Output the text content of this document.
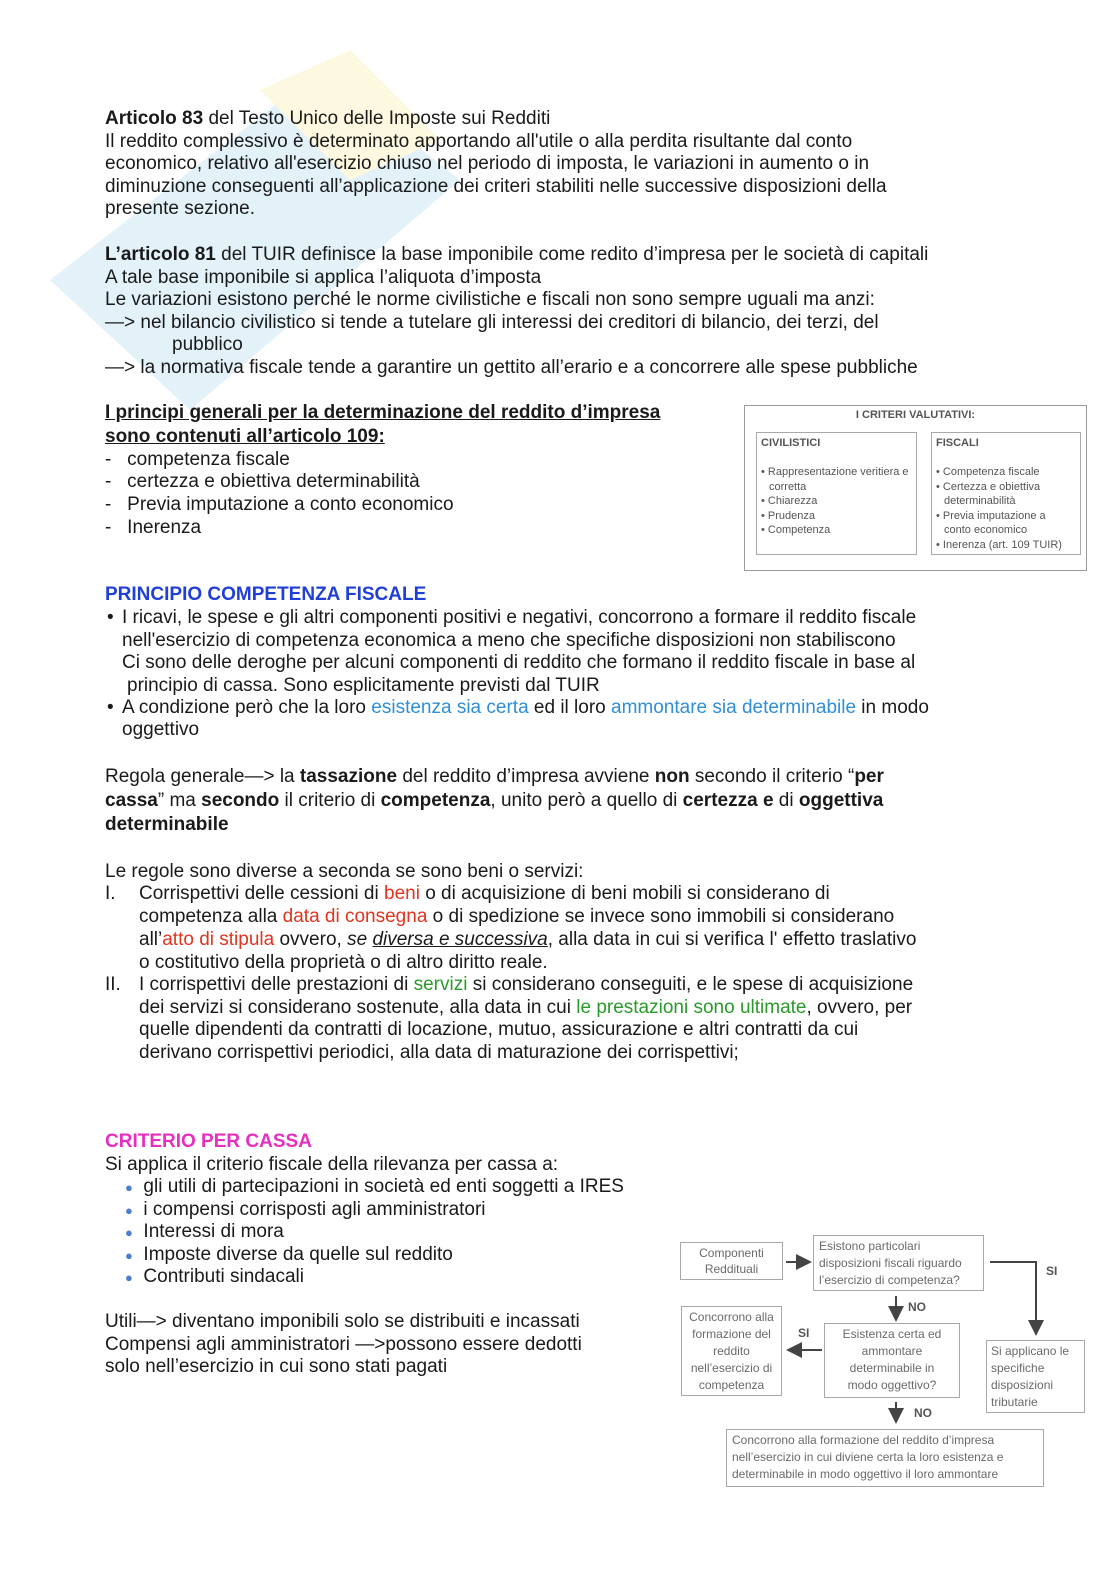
Articolo 83 del Testo Unico delle Imposte sui Redditi
Il reddito complessivo è determinato apportando all'utile o alla perdita risultante dal conto
economico, relativo all'esercizio chiuso nel periodo di imposta, le variazioni in aumento o in
diminuzione conseguenti all’applicazione dei criteri stabiliti nelle successive disposizioni della
presente sezione.
L’articolo 81 del TUIR definisce la base imponibile come redito d’impresa per le società di capitali
A tale base imponibile si applica l’aliquota d’imposta
Le variazioni esistono perché le norme civilistiche e fiscali non sono sempre uguali ma anzi:
—> nel bilancio civilistico si tende a tutelare gli interessi dei creditori di bilancio, dei terzi, del
pubblico
—> la normativa fiscale tende a garantire un gettito all’erario e a concorrere alle spese pubbliche
I principi generali per la determinazione del reddito d’impresa
sono contenuti all’articolo 109:
-   competenza fiscale
-   certezza e obiettiva determinabilità
-   Previa imputazione a conto economico
-   Inerenza
I CRITERI VALUTATIVI:
CIVILISTICI
• Rappresentazione veritiera e
corretta
• Chiarezza
• Prudenza
• Competenza
FISCALI
• Competenza fiscale
• Certezza e obiettiva
determinabilità
• Previa imputazione a
conto economico
• Inerenza (art. 109 TUIR)
PRINCIPIO COMPETENZA FISCALE
• I ricavi, le spese e gli altri componenti positivi e negativi, concorrono a formare il reddito fiscale
nell'esercizio di competenza economica a meno che specifiche disposizioni non stabiliscono
Ci sono delle deroghe per alcuni componenti di reddito che formano il reddito fiscale in base al
principio di cassa. Sono esplicitamente previsti dal TUIR
• A condizione però che la loro esistenza sia certa ed il loro ammontare sia determinabile in modo
oggettivo
Regola generale—> la tassazione del reddito d’impresa avviene non secondo il criterio “per
cassa” ma secondo il criterio di competenza, unito però a quello di certezza e di oggettiva
determinabile
Le regole sono diverse a seconda se sono beni o servizi:
I. Corrispettivi delle cessioni di beni o di acquisizione di beni mobili si considerano di
competenza alla data di consegna o di spedizione se invece sono immobili si considerano
all’atto di stipula ovvero, se diversa e successiva, alla data in cui si verifica l' effetto traslativo
o costitutivo della proprietà o di altro diritto reale.
II. I corrispettivi delle prestazioni di servizi si considerano conseguiti, e le spese di acquisizione
dei servizi si considerano sostenute, alla data in cui le prestazioni sono ultimate, ovvero, per
quelle dipendenti da contratti di locazione, mutuo, assicurazione e altri contratti da cui
derivano corrispettivi periodici, alla data di maturazione dei corrispettivi;
CRITERIO PER CASSA
Si applica il criterio fiscale della rilevanza per cassa a:
● gli utili di partecipazioni in società ed enti soggetti a IRES
● i compensi corrisposti agli amministratori
● Interessi di mora
● Imposte diverse da quelle sul reddito
● Contributi sindacali
Utili—> diventano imponibili solo se distribuiti e incassati
Compensi agli amministratori —>possono essere dedotti
solo nell’esercizio in cui sono stati pagati
Componenti
Reddituali
Esistono particolari
disposizioni fiscali riguardo
l’esercizio di competenza?
SI
NO
Concorrono alla
formazione del
reddito
nell’esercizio di
competenza
SI	Esistenza certa ed
ammontare
determinabile in
modo oggettivo?
Si applicano le
specifiche
disposizioni
tributarie
NO
Concorrono alla formazione del reddito d’impresa
nell’esercizio in cui diviene certa la loro esistenza e
determinabile in modo oggettivo il loro ammontare
